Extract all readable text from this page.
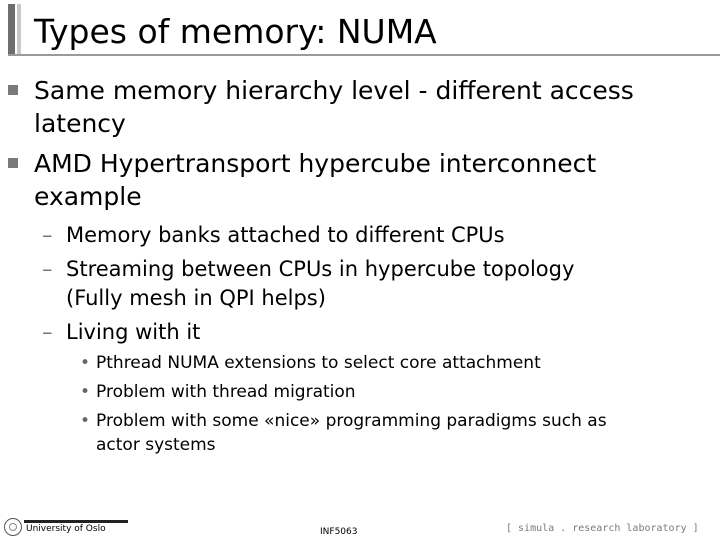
Types of memory: NUMA
Same memory hierarchy level - different access
latency
AMD Hypertransport hypercube interconnect
example
– Memory banks attached to different CPUs
– Streaming between CPUs in hypercube topology
(Fully mesh in QPI helps)
– Living with it
• Pthread NUMA extensions to select core attachment
• Problem with thread migration
• Problem with some «nice» programming paradigms such as
actor systems
University of Oslo	INF5063	[ simula . research laboratory ]
